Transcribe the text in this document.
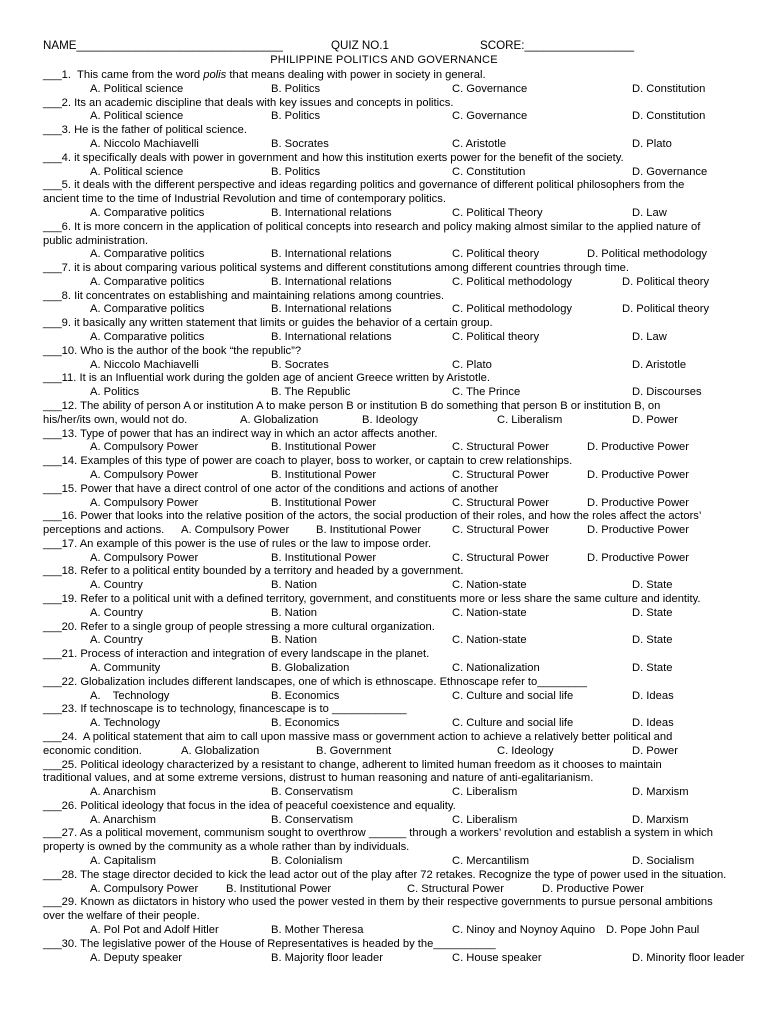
NAME________________________________	QUIZ NO.1	SCORE:_________________
PHILIPPINE POLITICS AND GOVERNANCE
___1.  This came from the word polis that means dealing with power in society in general.
A. Political science	B. Politics	C. Governance	D. Constitution
___2. Its an academic discipline that deals with key issues and concepts in politics.
A. Political science	B. Politics	C. Governance	D. Constitution
___3. He is the father of political science.
A. Niccolo Machiavelli	B. Socrates	C. Aristotle	D. Plato
___4. it specifically deals with power in government and how this institution exerts power for the benefit of the society.
A. Political science	B. Politics	C. Constitution	D. Governance
___5. it deals with the different perspective and ideas regarding politics and governance of different political philosophers from the
ancient time to the time of Industrial Revolution and time of contemporary politics.
A. Comparative politics	B. International relations	C. Political Theory	D. Law
___6. It is more concern in the application of political concepts into research and policy making almost similar to the applied nature of
public administration.
A. Comparative politics	B. International relations	C. Political theory	D. Political methodology
___7. it is about comparing various political systems and different constitutions among different countries through time.
A. Comparative politics	B. International relations	C. Political methodology	D. Political theory
___8. Iit concentrates on establishing and maintaining relations among countries.
A. Comparative politics	B. International relations	C. Political methodology	D. Political theory
___9. it basically any written statement that limits or guides the behavior of a certain group.
A. Comparative politics	B. International relations	C. Political theory	D. Law
___10. Who is the author of the book “the republic”?
A. Niccolo Machiavelli	B. Socrates	C. Plato	D. Aristotle
___11. It is an Influential work during the golden age of ancient Greece written by Aristotle.
A. Politics	B. The Republic	C. The Prince	D. Discourses
___12. The ability of person A or institution A to make person B or institution B do something that person B or institution B, on
his/her/its own, would not do.	A. Globalization	B. Ideology	C. Liberalism	D. Power
___13. Type of power that has an indirect way in which an actor affects another.
A. Compulsory Power	B. Institutional Power	C. Structural Power	D. Productive Power
___14. Examples of this type of power are coach to player, boss to worker, or captain to crew relationships.
A. Compulsory Power	B. Institutional Power	C. Structural Power	D. Productive Power
___15. Power that have a direct control of one actor of the conditions and actions of another
A. Compulsory Power	B. Institutional Power	C. Structural Power	D. Productive Power
___16. Power that looks into the relative position of the actors, the social production of their roles, and how the roles affect the actors’
perceptions and actions. A. Compulsory Power B. Institutional Power	C. Structural Power	D. Productive Power
___17. An example of this power is the use of rules or the law to impose order.
A. Compulsory Power	B. Institutional Power	C. Structural Power	D. Productive Power
___18. Refer to a political entity bounded by a territory and headed by a government.
A. Country	B. Nation	C. Nation-state	D. State
___19. Refer to a political unit with a defined territory, government, and constituents more or less share the same culture and identity.
A. Country	B. Nation	C. Nation-state	D. State
___20. Refer to a single group of people stressing a more cultural organization.
A. Country	B. Nation	C. Nation-state	D. State
___21. Process of interaction and integration of every landscape in the planet.
A. Community	B. Globalization	C. Nationalization	D. State
___22. Globalization includes different landscapes, one of which is ethnoscape. Ethnoscape refer to________
A.    Technology	B. Economics	C. Culture and social life	D. Ideas
___23. If technoscape is to technology, financescape is to ____________
A. Technology	B. Economics	C. Culture and social life	D. Ideas
___24.  A political statement that aim to call upon massive mass or government action to achieve a relatively better political and
economic condition.	A. Globalization	B. Government	C. Ideology	D. Power
___25. Political ideology characterized by a resistant to change, adherent to limited human freedom as it chooses to maintain
traditional values, and at some extreme versions, distrust to human reasoning and nature of anti-egalitarianism.
A. Anarchism	B. Conservatism	C. Liberalism	D. Marxism
___26. Political ideology that focus in the idea of peaceful coexistence and equality.
A. Anarchism	B. Conservatism	C. Liberalism	D. Marxism
___27. As a political movement, communism sought to overthrow ______ through a workers’ revolution and establish a system in which
property is owned by the community as a whole rather than by individuals.
A. Capitalism	B. Colonialism	C. Mercantilism	D. Socialism
___28. The stage director decided to kick the lead actor out of the play after 72 retakes. Recognize the type of power used in the situation.
A. Compulsory Power B. Institutional Power	C. Structural Power	D. Productive Power
___29. Known as diictators in history who used the power vested in them by their respective governments to pursue personal ambitions
over the welfare of their people.
A. Pol Pot and Adolf Hitler	B. Mother Theresa	C. Ninoy and Noynoy Aquino D. Pope John Paul
___30. The legislative power of the House of Representatives is headed by the__________
A. Deputy speaker	B. Majority floor leader	C. House speaker	D. Minority floor leader
